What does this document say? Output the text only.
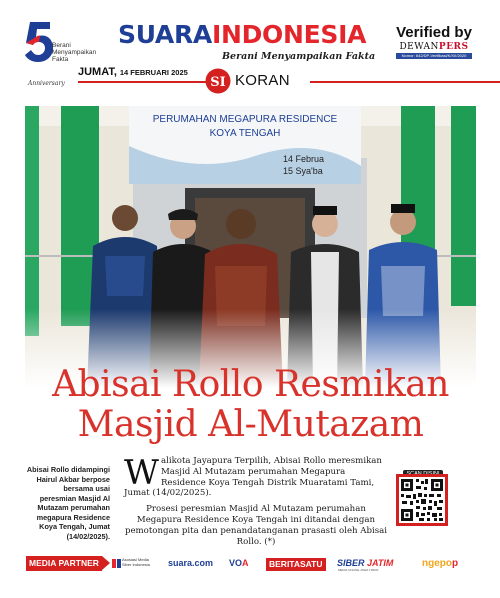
Berani
Menyampaikan
Fakta
Anniversary
SUARAINDONESIA
Berani Menyampaikan Fakta
Verified by
DEWANPERS
Nomor: 642/DP-Verifikasi/K/XII/2020
JUMAT, 14 FEBRUARI 2025
SI KORAN
Abisai Rollo Resmikan
Masjid Al-Mutazam
Abisai Rollo didampingi Hairul Akbar berpose bersama usai peresmian Masjid Al Mutazam perumahan megapura Residence Koya Tengah, Jumat (14/02/2025).

Walikota Jayapura Terpilih, Abisai Rollo meresmikan Masjid Al Mutazam perumahan Megapura Residence Koya Tengah Distrik Muaratami Tami, Jumat (14/02/2025).

Prosesi peresmian Masjid Al Mutazam perumahan Megapura Residence Koya Tengah ini ditandai dengan pemotongan pita dan penandatanganan prasasti oleh Abisai Rollo. (*)

MEDIA PARTNER	Asosiasi Media Siber Indonesia suara.com VOA	BERITASATU	SIBER JATIM
MEDIA ONLINE JAWA TIMUR
ngepop
